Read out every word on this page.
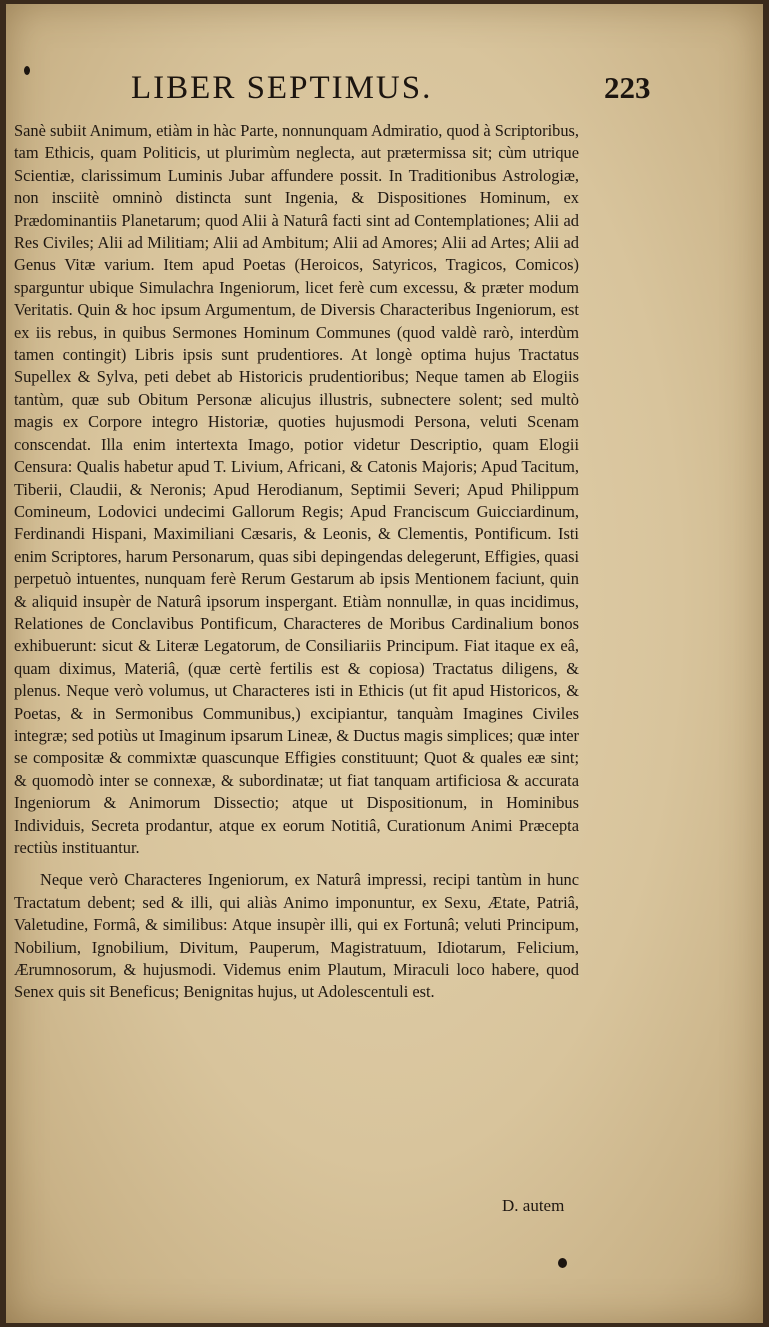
LIBER SEPTIMUS.	223

Sanè subiit Animum, etiàm in hàc Parte, nonnunquam Admiratio, quod à Scriptoribus, tam Ethicis, quam Politicis, ut plurimùm neglecta, aut prætermissa sit; cùm utrique Scientiæ, clarissimum Luminis Jubar affundere possit. In Traditionibus Astrologiæ, non insciitè omninò distincta sunt Ingenia, & Dispositiones Hominum, ex Prædominantiis Planetarum; quod Alii à Naturâ facti sint ad Contemplationes; Alii ad Res Civiles; Alii ad Militiam; Alii ad Ambitum; Alii ad Amores; Alii ad Artes; Alii ad Genus Vitæ varium. Item apud Poetas (Heroicos, Satyricos, Tragicos, Comicos) sparguntur ubique Simulachra Ingeniorum, licet ferè cum excessu, & præter modum Veritatis. Quin & hoc ipsum Argumentum, de Diversis Characteribus Ingeniorum, est ex iis rebus, in quibus Sermones Hominum Communes (quod valdè rarò, interdùm tamen contingit) Libris ipsis sunt prudentiores. At longè optima hujus Tractatus Supellex & Sylva, peti debet ab Historicis prudentioribus; Neque tamen ab Elogiis tantùm, quæ sub Obitum Personæ alicujus illustris, subnectere solent; sed multò magis ex Corpore integro Historiæ, quoties hujusmodi Persona, veluti Scenam conscendat. Illa enim intertexta Imago, potior videtur Descriptio, quam Elogii Censura: Qualis habetur apud T. Livium, Africani, & Catonis Majoris; Apud Tacitum, Tiberii, Claudii, & Neronis; Apud Herodianum, Septimii Severi; Apud Philippum Comineum, Lodovici undecimi Gallorum Regis; Apud Franciscum Guicciardinum, Ferdinandi Hispani, Maximiliani Cæsaris, & Leonis, & Clementis, Pontificum. Isti enim Scriptores, harum Personarum, quas sibi depingendas delegerunt, Effigies, quasi perpetuò intuentes, nunquam ferè Rerum Gestarum ab ipsis Mentionem faciunt, quin & aliquid insupèr de Naturâ ipsorum inspergant. Etiàm nonnullæ, in quas incidimus, Relationes de Conclavibus Pontificum, Characteres de Moribus Cardinalium bonos exhibuerunt: sicut & Literæ Legatorum, de Consiliariis Principum. Fiat itaque ex eâ, quam diximus, Materiâ, (quæ certè fertilis est & copiosa) Tractatus diligens, & plenus. Neque verò volumus, ut Characteres isti in Ethicis (ut fit apud Historicos, & Poetas, & in Sermonibus Communibus,) excipiantur, tanquàm Imagines Civiles integræ; sed potiùs ut Imaginum ipsarum Lineæ, & Ductus magis simplices; quæ inter se compositæ & commixtæ quascunque Effigies constituunt; Quot & quales eæ sint; & quomodò inter se connexæ, & subordinatæ; ut fiat tanquam artificiosa & accurata Ingeniorum & Animorum Dissectio; atque ut Dispositionum, in Hominibus Individuis, Secreta prodantur, atque ex eorum Notitiâ, Curationum Animi Præcepta rectiùs instituantur.

Neque verò Characteres Ingeniorum, ex Naturâ impressi, recipi tantùm in hunc Tractatum debent; sed & illi, qui aliàs Animo imponuntur, ex Sexu, Ætate, Patriâ, Valetudine, Formâ, & similibus: Atque insupèr illi, qui ex Fortunâ; veluti Principum, Nobilium, Ignobilium, Divitum, Pauperum, Magistratuum, Idiotarum, Felicium, Ærumnosorum, & hujusmodi. Videmus enim Plautum, Miraculi loco habere, quod Senex quis sit Beneficus; Benignitas hujus, ut Adolescentuli est.

D. autem
